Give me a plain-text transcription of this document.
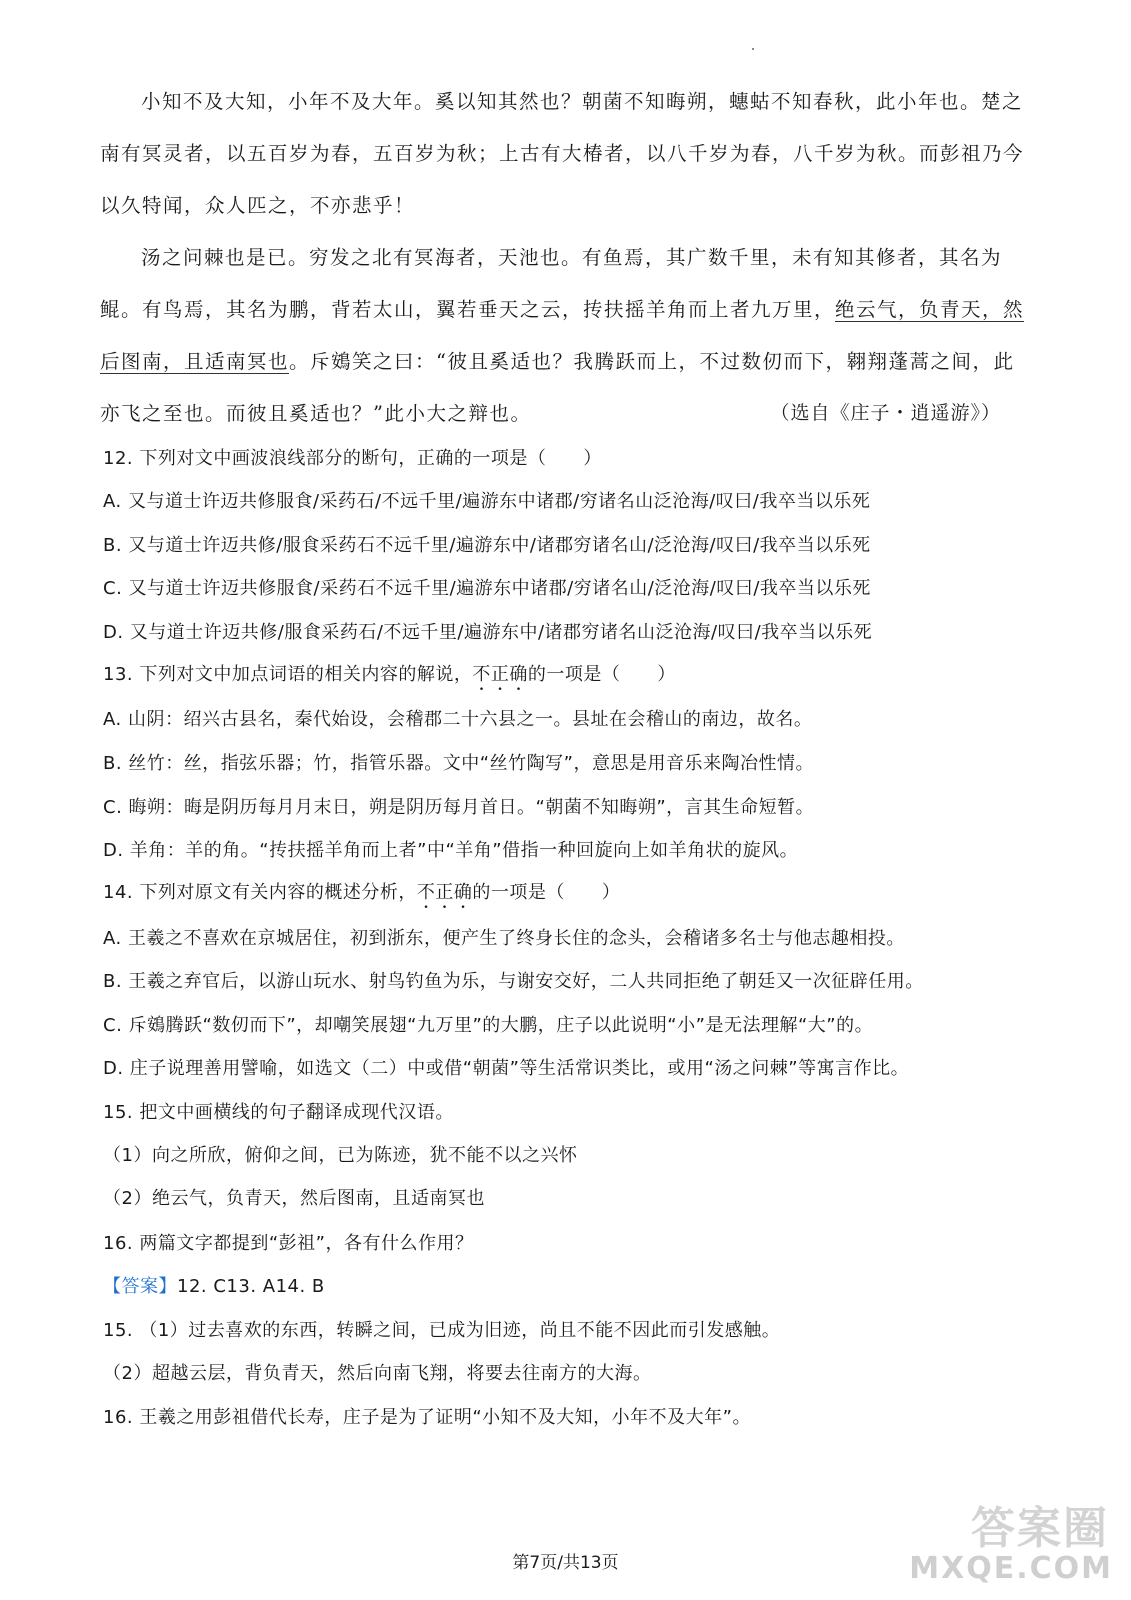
小知不及大知，小年不及大年。奚以知其然也？朝菌不知晦朔，蟪蛄不知春秋，此小年也。楚之南有冥灵者，以五百岁为春，五百岁为秋；上古有大椿者，以八千岁为春，八千岁为秋。而彭祖乃今以久特闻，众人匹之，不亦悲乎！

汤之问棘也是已。穷发之北有冥海者，天池也。有鱼焉，其广数千里，未有知其修者，其名为鲲。有鸟焉，其名为鹏，背若太山，翼若垂天之云，抟扶摇羊角而上者九万里，绝云气，负青天，然后图南，且适南冥也。斥鴳笑之曰：“彼且奚适也？我腾跃而上，不过数仞而下，翱翔蓬蒿之间，此亦飞之至也。而彼且奚适也？”此小大之辩也。	（选自《庄子・逍遥游》）
12. 下列对文中画波浪线部分的断句，正确的一项是（　　）
A. 又与道士许迈共修服食/采药石/不远千里/遍游东中诸郡/穷诸名山泛沧海/叹曰/我卒当以乐死
B. 又与道士许迈共修/服食采药石不远千里/遍游东中/诸郡穷诸名山/泛沧海/叹曰/我卒当以乐死
C. 又与道士许迈共修服食/采药石不远千里/遍游东中诸郡/穷诸名山/泛沧海/叹曰/我卒当以乐死
D. 又与道士许迈共修/服食采药石/不远千里/遍游东中/诸郡穷诸名山泛沧海/叹曰/我卒当以乐死
13. 下列对文中加点词语的相关内容的解说，不正确的一项是（　　）
A. 山阴：绍兴古县名，秦代始设，会稽郡二十六县之一。县址在会稽山的南边，故名。
B. 丝竹：丝，指弦乐器；竹，指管乐器。文中“丝竹陶写”，意思是用音乐来陶冶性情。
C. 晦朔：晦是阴历每月月末日，朔是阴历每月首日。“朝菌不知晦朔”，言其生命短暂。
D. 羊角：羊的角。“抟扶摇羊角而上者”中“羊角”借指一种回旋向上如羊角状的旋风。
14. 下列对原文有关内容的概述分析，不正确的一项是（　　）
A. 王羲之不喜欢在京城居住，初到浙东，便产生了终身长住的念头，会稽诸多名士与他志趣相投。
B. 王羲之弃官后，以游山玩水、射鸟钓鱼为乐，与谢安交好，二人共同拒绝了朝廷又一次征辟任用。
C. 斥鴳腾跃“数仞而下”，却嘲笑展翅“九万里”的大鹏，庄子以此说明“小”是无法理解“大”的。
D. 庄子说理善用譬喻，如选文（二）中或借“朝菌”等生活常识类比，或用“汤之问棘”等寓言作比。
15. 把文中画横线的句子翻译成现代汉语。
（1）向之所欣，俯仰之间，已为陈迹，犹不能不以之兴怀
（2）绝云气，负青天，然后图南，且适南冥也
16. 两篇文字都提到“彭祖”，各有什么作用？
【答案】12. C13. A14. B
15. （1）过去喜欢的东西，转瞬之间，已成为旧迹，尚且不能不因此而引发感触。
（2）超越云层，背负青天，然后向南飞翔，将要去往南方的大海。
16. 王羲之用彭祖借代长寿，庄子是为了证明“小知不及大知，小年不及大年”。
第7页/共13页
答案圈
MXQE.COM
